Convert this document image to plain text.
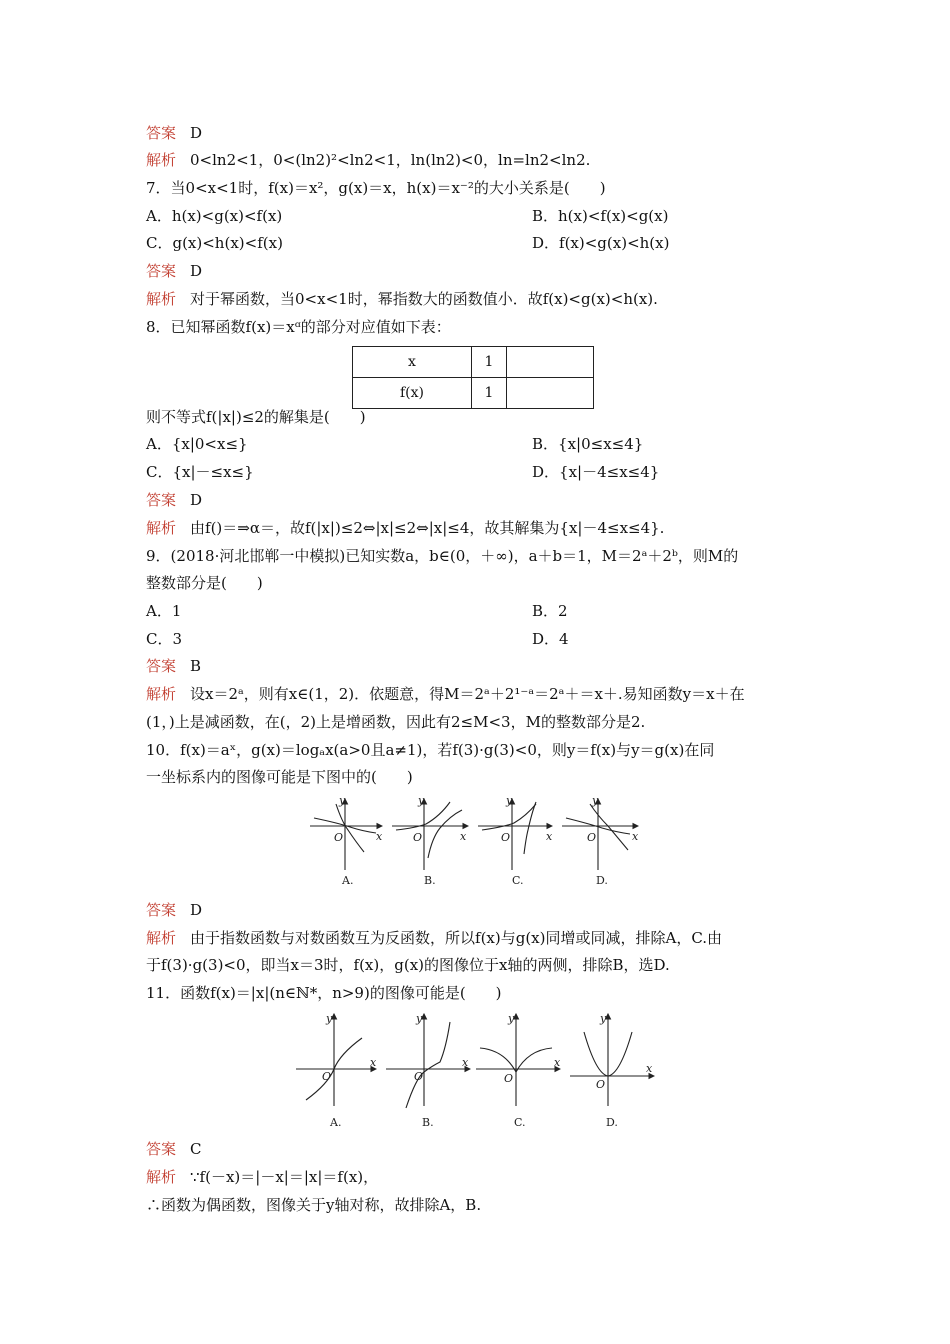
答案 D
解析 0<ln2<1，0<(ln2)²<ln2<1，ln(ln2)<0，ln=ln2<ln2.
7．当0<x<1时，f(x)＝x²，g(x)＝x，h(x)＝x⁻²的大小关系是(　　)
A．h(x)<g(x)<f(x)	B．h(x)<f(x)<g(x)
C．g(x)<h(x)<f(x)	D．f(x)<g(x)<h(x)
答案 D
解析 对于幂函数，当0<x<1时，幂指数大的函数值小．故f(x)<g(x)<h(x).
8．已知幂函数f(x)＝xᵅ的部分对应值如下表：
x	1	
f(x)	1	
则不等式f(|x|)≤2的解集是(　　)
A．{x|0<x≤}	B．{x|0≤x≤4}
C．{x|－≤x≤}	D．{x|－4≤x≤4}
答案 D
解析 由f()＝⇒α＝，故f(|x|)≤2⇔|x|≤2⇔|x|≤4，故其解集为{x|－4≤x≤4}.
9．(2018·河北邯郸一中模拟)已知实数a，b∈(0，＋∞)，a＋b＝1，M＝2ᵃ＋2ᵇ，则M的
整数部分是(　　)
A．1	B．2
C．3	D．4
答案 B
解析 设x＝2ᵃ，则有x∈(1，2)．依题意，得M＝2ᵃ＋2¹⁻ᵃ＝2ᵃ＋＝x＋.易知函数y＝x＋在
(1，)上是减函数，在(，2)上是增函数，因此有2≤M<3，M的整数部分是2.
10．f(x)＝aˣ，g(x)＝logₐx(a>0且a≠1)，若f(3)·g(3)<0，则y＝f(x)与y＝g(x)在同
一坐标系内的图像可能是下图中的(　　)
y
x
O
y
x
O
y
x
O
y
x
O
A.	B.	C.	D.
答案 D
解析 由于指数函数与对数函数互为反函数，所以f(x)与g(x)同增或同减，排除A，C.由
于f(3)·g(3)<0，即当x＝3时，f(x)，g(x)的图像位于x轴的两侧，排除B，选D.
11．函数f(x)＝|x|(n∈ℕ*，n>9)的图像可能是(　　)
y
x
O
y
x
O
y
x
O
y
x
O
A.	B.	C.	D.
答案 C
解析 ∵f(－x)＝|－x|＝|x|＝f(x)，
∴函数为偶函数，图像关于y轴对称，故排除A，B.
